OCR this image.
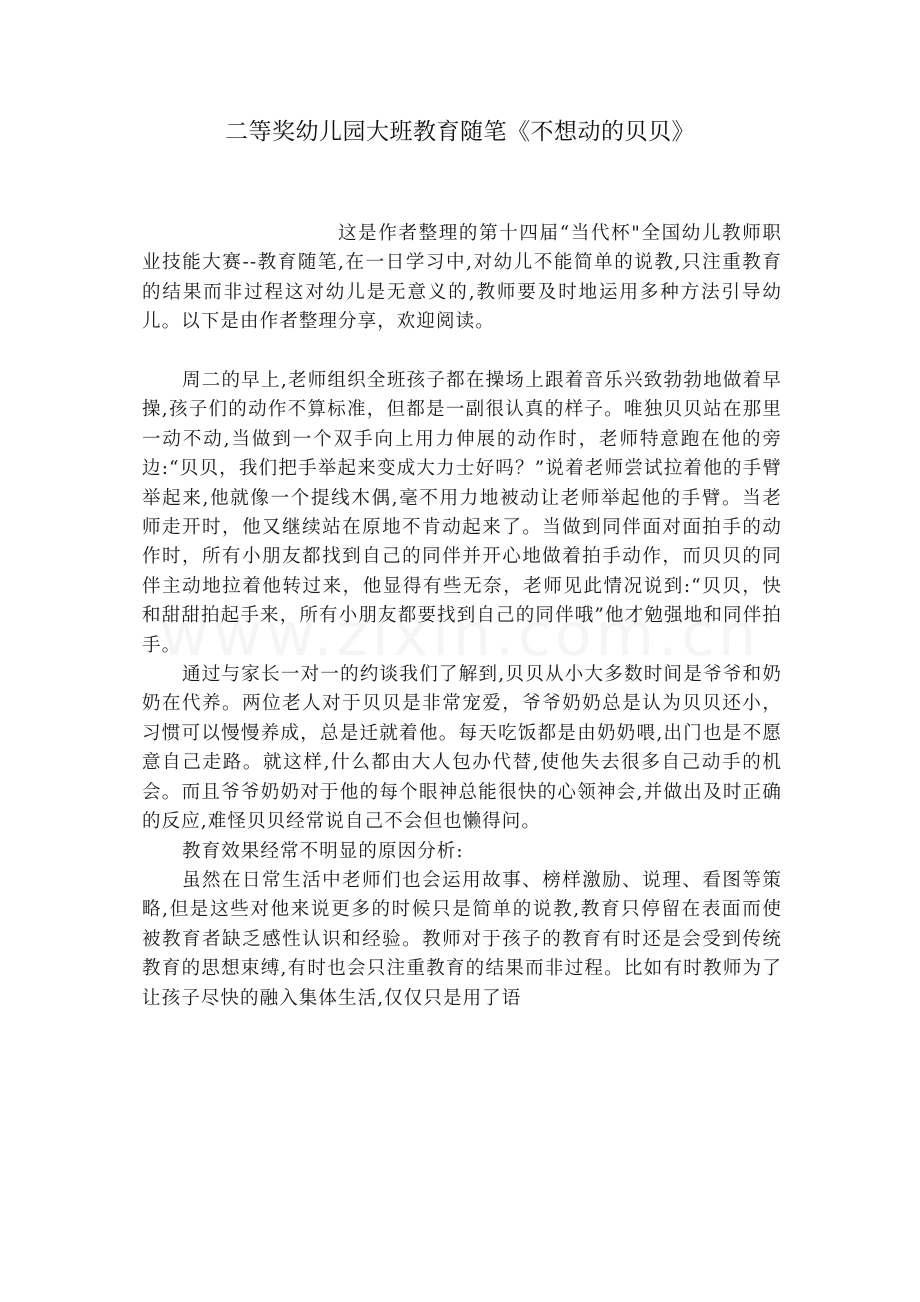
二等奖幼儿园大班教育随笔《不想动的贝贝》

这是作者整理的第十四届“当代杯"全国幼儿教师职业技能大赛--教育随笔,在一日学习中,对幼儿不能简单的说教,只注重教育的结果而非过程这对幼儿是无意义的,教师要及时地运用多种方法引导幼儿。以下是由作者整理分享，欢迎阅读。

周二的早上,老师组织全班孩子都在操场上跟着音乐兴致勃勃地做着早操,孩子们的动作不算标准，但都是一副很认真的样子。唯独贝贝站在那里一动不动,当做到一个双手向上用力伸展的动作时，老师特意跑在他的旁边:“贝贝，我们把手举起来变成大力士好吗？”说着老师尝试拉着他的手臂举起来,他就像一个提线木偶,毫不用力地被动让老师举起他的手臂。当老师走开时，他又继续站在原地不肯动起来了。当做到同伴面对面拍手的动作时，所有小朋友都找到自己的同伴并开心地做着拍手动作，而贝贝的同伴主动地拉着他转过来，他显得有些无奈，老师见此情况说到:“贝贝，快和甜甜拍起手来，所有小朋友都要找到自己的同伴哦”他才勉强地和同伴拍手。

通过与家长一对一的约谈我们了解到,贝贝从小大多数时间是爷爷和奶奶在代养。两位老人对于贝贝是非常宠爱，爷爷奶奶总是认为贝贝还小，习惯可以慢慢养成，总是迁就着他。每天吃饭都是由奶奶喂,出门也是不愿意自己走路。就这样,什么都由大人包办代替,使他失去很多自己动手的机会。而且爷爷奶奶对于他的每个眼神总能很快的心领神会,并做出及时正确的反应,难怪贝贝经常说自己不会但也懒得问。

教育效果经常不明显的原因分析:

虽然在日常生活中老师们也会运用故事、榜样激励、说理、看图等策略,但是这些对他来说更多的时候只是简单的说教,教育只停留在表面而使被教育者缺乏感性认识和经验。教师对于孩子的教育有时还是会受到传统教育的思想束缚,有时也会只注重教育的结果而非过程。比如有时教师为了让孩子尽快的融入集体生活,仅仅只是用了语
